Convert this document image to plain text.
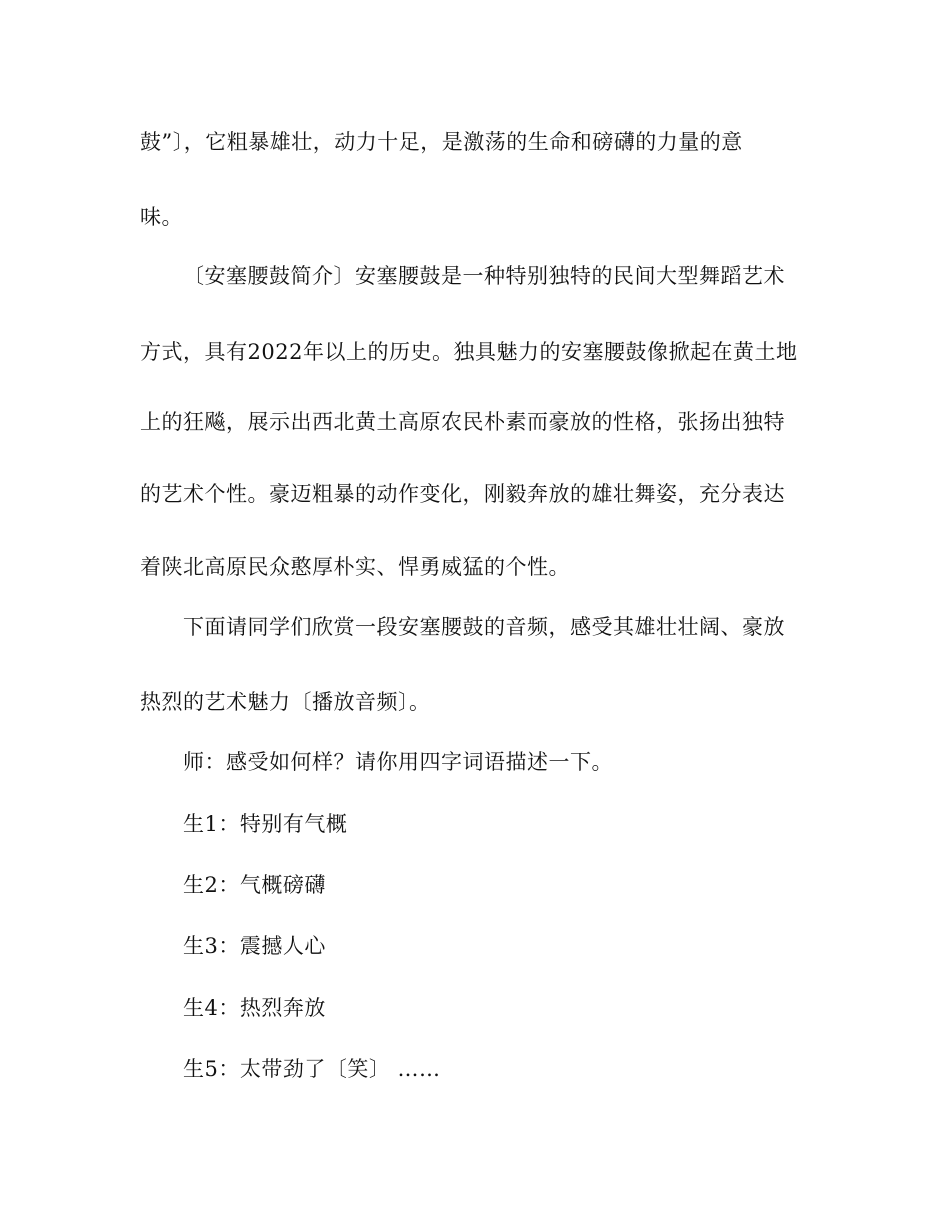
鼓”〕，它粗暴雄壮，动力十足，是激荡的生命和磅礴的力量的意
味。
〔安塞腰鼓简介〕安塞腰鼓是一种特别独特的民间大型舞蹈艺术
方式，具有2022年以上的历史。独具魅力的安塞腰鼓像掀起在黄土地
上的狂飚，展示出西北黄土高原农民朴素而豪放的性格，张扬出独特
的艺术个性。豪迈粗暴的动作变化，刚毅奔放的雄壮舞姿，充分表达
着陕北高原民众憨厚朴实、悍勇威猛的个性。
下面请同学们欣赏一段安塞腰鼓的音频，感受其雄壮壮阔、豪放
热烈的艺术魅力〔播放音频〕。
师：感受如何样？请你用四字词语描述一下。
生1：特别有气概
生2：气概磅礴
生3：震撼人心
生4：热烈奔放
生5：太带劲了〔笑〕 ……
